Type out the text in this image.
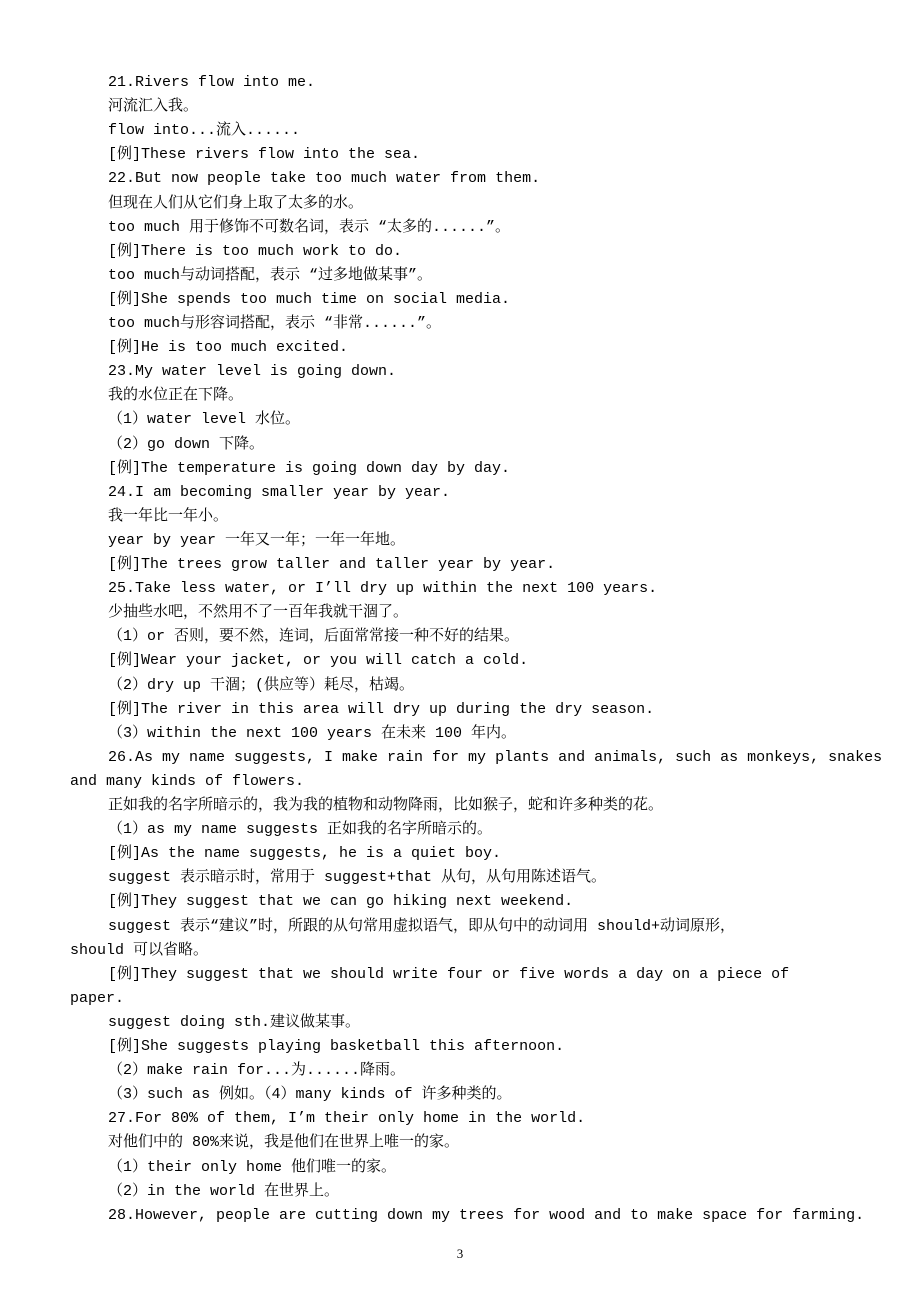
21.Rivers flow into me.
河流汇入我。
flow into...流入......
[例]These rivers flow into the sea.
22.But now people take too much water from them.
但现在人们从它们身上取了太多的水。
too much 用于修饰不可数名词，表示 “太多的......”。
[例]There is too much work to do.
too much与动词搭配，表示 “过多地做某事”。
[例]She spends too much time on social media.
too much与形容词搭配，表示 “非常......”。
[例]He is too much excited.
23.My water level is going down.
我的水位正在下降。
（1）water level 水位。
（2）go down 下降。
[例]The temperature is going down day by day.
24.I am becoming smaller year by year.
我一年比一年小。
year by year 一年又一年；一年一年地。
[例]The trees grow taller and taller year by year.
25.Take less water, or I’ll dry up within the next 100 years.
少抽些水吧，不然用不了一百年我就干涸了。
（1）or 否则，要不然，连词，后面常常接一种不好的结果。
[例]Wear your jacket, or you will catch a cold.
（2）dry up 干涸；(供应等）耗尽，枯竭。
[例]The river in this area will dry up during the dry season.
（3）within the next 100 years 在未来 100 年内。
26.As my name suggests, I make rain for my plants and animals, such as monkeys, snakes
and many kinds of flowers.
正如我的名字所暗示的，我为我的植物和动物降雨，比如猴子，蛇和许多种类的花。
（1）as my name suggests 正如我的名字所暗示的。
[例]As the name suggests, he is a quiet boy.
suggest 表示暗示时，常用于 suggest+that 从句，从句用陈述语气。
[例]They suggest that we can go hiking next weekend.
suggest 表示“建议”时，所跟的从句常用虚拟语气，即从句中的动词用 should+动词原形，
should 可以省略。
[例]They suggest that we should write four or five words a day on a piece of
paper.
suggest doing sth.建议做某事。
[例]She suggests playing basketball this afternoon.
（2）make rain for...为......降雨。
（3）such as 例如。（4）many kinds of 许多种类的。
27.For 80% of them, I’m their only home in the world.
对他们中的 80%来说，我是他们在世界上唯一的家。
（1）their only home 他们唯一的家。
（2）in the world 在世界上。
28.However, people are cutting down my trees for wood and to make space for farming.
3
